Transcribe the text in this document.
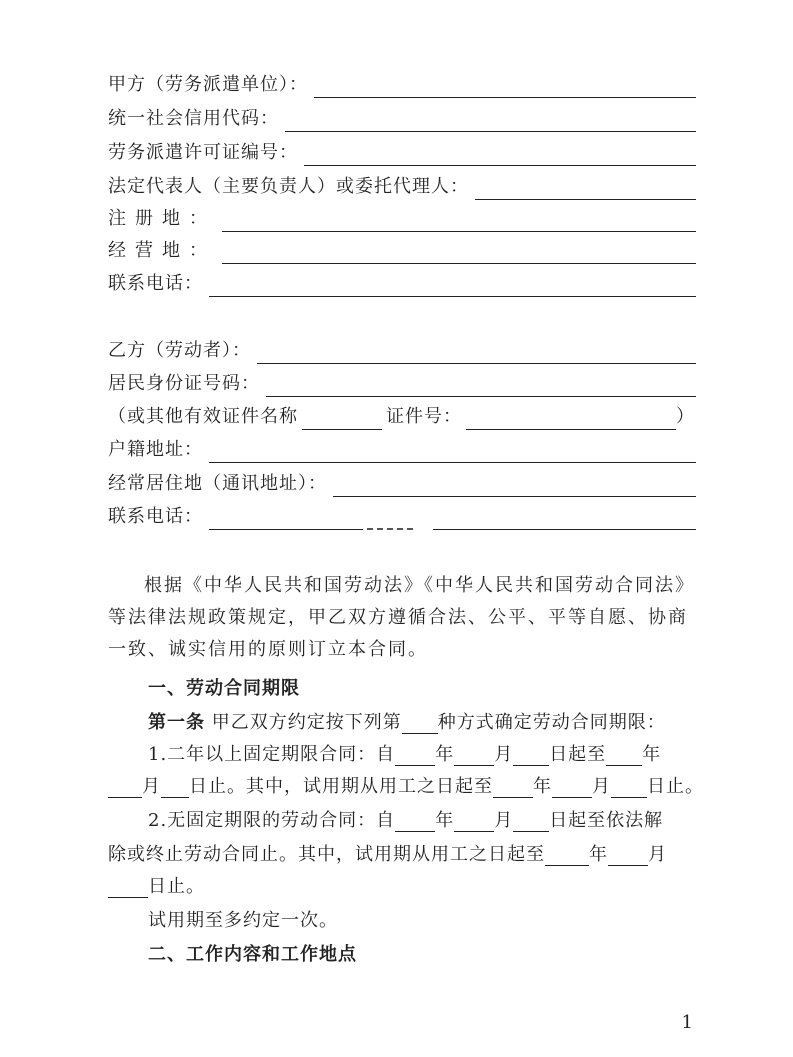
甲方（劳务派遣单位）：
统一社会信用代码：
劳务派遣许可证编号：
法定代表人（主要负责人）或委托代理人：
注册地：
经营地：
联系电话：
乙方（劳动者）：
居民身份证号码：
（或其他有效证件名称	证件号：	）
户籍地址：
经常居住地（通讯地址）：
联系电话：
根据《中华人民共和国劳动法》《中华人民共和国劳动合同法》等法律法规政策规定，甲乙双方遵循合法、公平、平等自愿、协商一致、诚实信用的原则订立本合同。
一、劳动合同期限
第一条 甲乙双方约定按下列第 种方式确定劳动合同期限：
1.二年以上固定期限合同：自 年 月 日起至 年
月 日止。其中，试用期从用工之日起至 年 月 日止。
2.无固定期限的劳动合同：自 年 月 日起至依法解
除或终止劳动合同止。其中，试用期从用工之日起至 年 月
日止。
试用期至多约定一次。
二、工作内容和工作地点
1
